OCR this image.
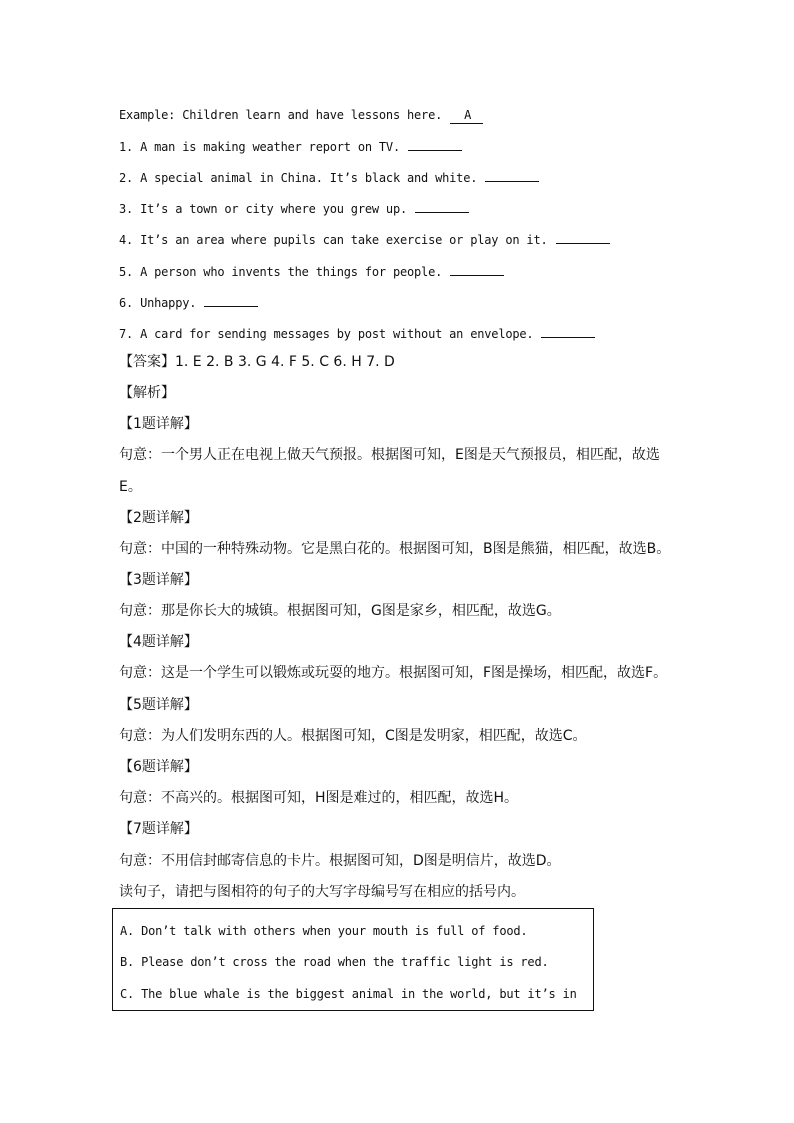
Example: Children learn and have lessons here. A
1. A man is making weather report on TV.
2. A special animal in China. It’s black and white.
3. It’s a town or city where you grew up.
4. It’s an area where pupils can take exercise or play on it.
5. A person who invents the things for people.
6. Unhappy.
7. A card for sending messages by post without an envelope.
【答案】1. E 2. B 3. G 4. F 5. C 6. H 7. D
【解析】
【1题详解】
句意：一个男人正在电视上做天气预报。根据图可知，E图是天气预报员，相匹配，故选
E。
【2题详解】
句意：中国的一种特殊动物。它是黑白花的。根据图可知，B图是熊猫，相匹配，故选B。
【3题详解】
句意：那是你长大的城镇。根据图可知，G图是家乡，相匹配，故选G。
【4题详解】
句意：这是一个学生可以锻炼或玩耍的地方。根据图可知，F图是操场，相匹配，故选F。
【5题详解】
句意：为人们发明东西的人。根据图可知，C图是发明家，相匹配，故选C。
【6题详解】
句意：不高兴的。根据图可知，H图是难过的，相匹配，故选H。
【7题详解】
句意：不用信封邮寄信息的卡片。根据图可知，D图是明信片，故选D。
读句子，请把与图相符的句子的大写字母编号写在相应的括号内。
A. Don’t talk with others when your mouth is full of food.
B. Please don’t cross the road when the traffic light is red.
C. The blue whale is the biggest animal in the world, but it’s in
